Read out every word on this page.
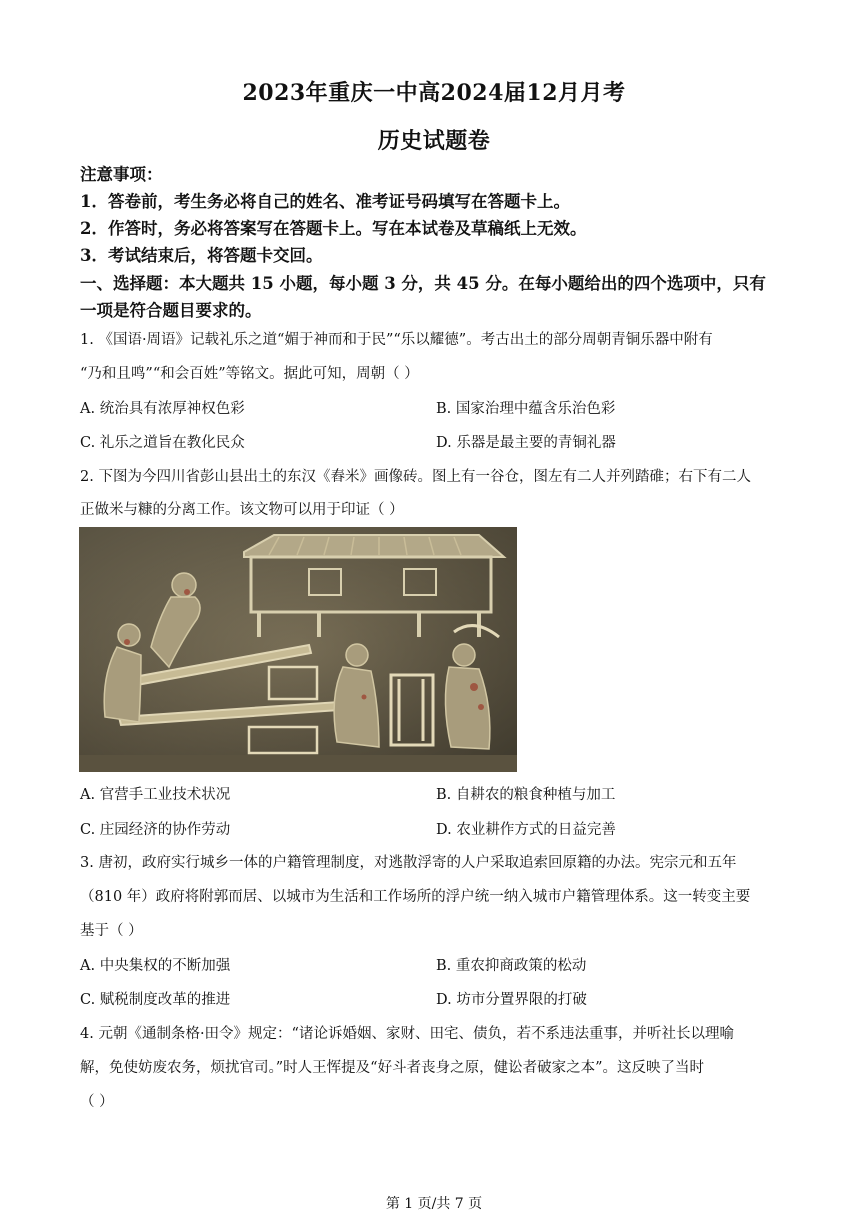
2023年重庆一中高2024届12月月考
历史试题卷
注意事项：
1．答卷前，考生务必将自己的姓名、准考证号码填写在答题卡上。
2．作答时，务必将答案写在答题卡上。写在本试卷及草稿纸上无效。
3．考试结束后，将答题卡交回。
一、选择题：本大题共 15 小题，每小题 3 分，共 45 分。在每小题给出的四个选项中，只有
一项是符合题目要求的。
1. 《国语·周语》记载礼乐之道“媚于神而和于民”“乐以耀德”。考古出土的部分周朝青铜乐器中附有
“乃和且鸣”“和会百姓”等铭文。据此可知，周朝（ ）
A. 统治具有浓厚神权色彩	B. 国家治理中蕴含乐治色彩
C. 礼乐之道旨在教化民众	D. 乐器是最主要的青铜礼器
2. 下图为今四川省彭山县出土的东汉《舂米》画像砖。图上有一谷仓，图左有二人并列踏碓；右下有二人
正做米与糠的分离工作。该文物可以用于印证（ ）
A. 官营手工业技术状况	B. 自耕农的粮食种植与加工
C. 庄园经济的协作劳动	D. 农业耕作方式的日益完善
3. 唐初，政府实行城乡一体的户籍管理制度，对逃散浮寄的人户采取追索回原籍的办法。宪宗元和五年
（810 年）政府将附郭而居、以城市为生活和工作场所的浮户统一纳入城市户籍管理体系。这一转变主要
基于（ ）
A. 中央集权的不断加强	B. 重农抑商政策的松动
C. 赋税制度改革的推进	D. 坊市分置界限的打破
4. 元朝《通制条格·田令》规定：“诸论诉婚姻、家财、田宅、债负，若不系违法重事，并听社长以理喻
解，免使妨废农务，烦扰官司。”时人王恽提及“好斗者丧身之原，健讼者破家之本”。这反映了当时
（ ）
第 1 页/共 7 页
